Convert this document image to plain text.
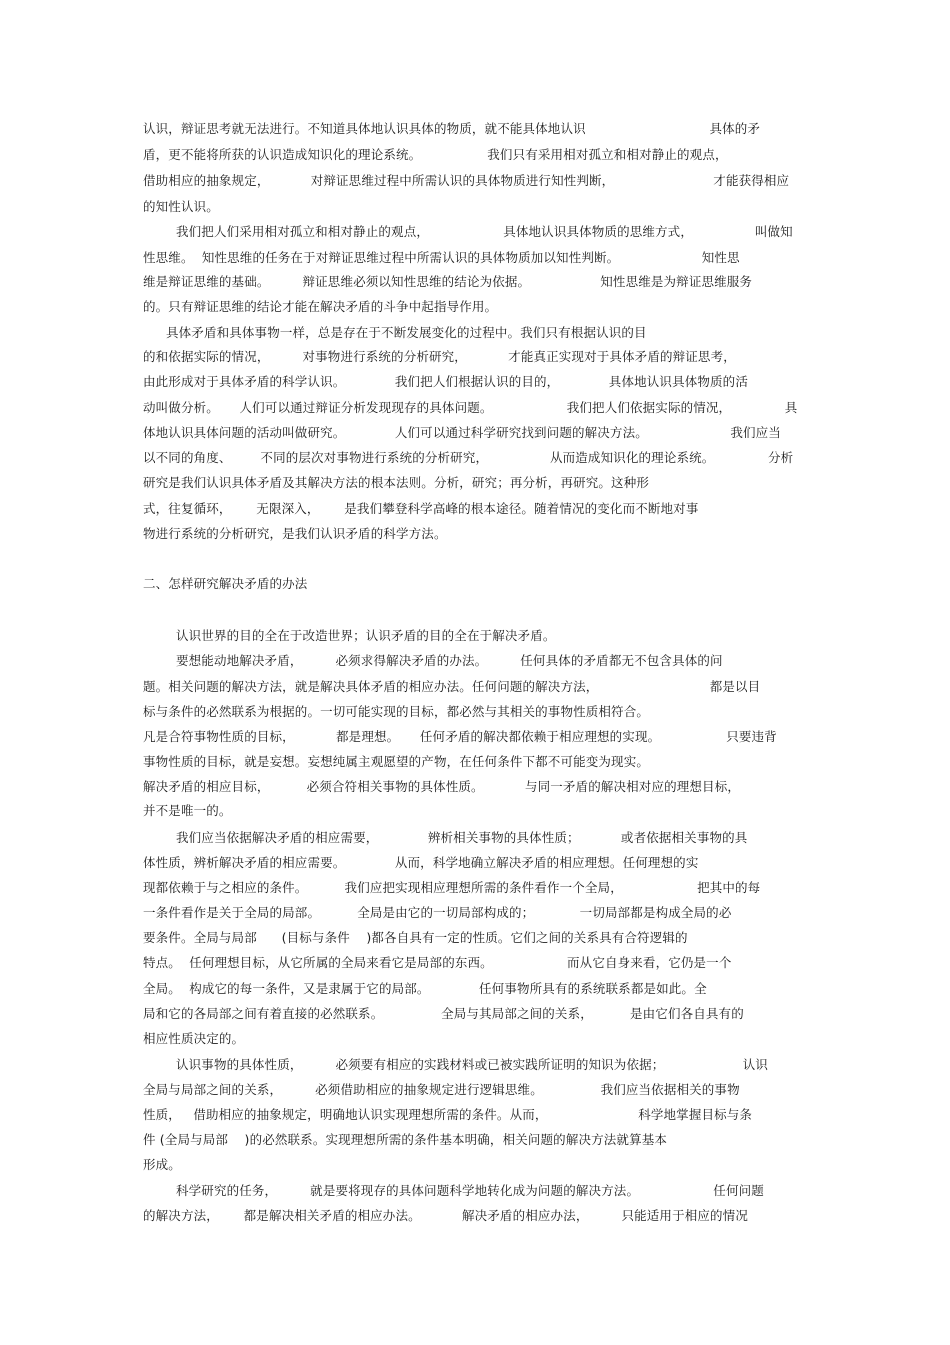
认识，辩证思考就无法进行。不知道具体地认识具体的物质，就不能具体地认识                              具体的矛
盾，更不能将所获的认识造成知识化的理论系统。                我们只有采用相对孤立和相对静止的观点，
借助相应的抽象规定，          对辩证思维过程中所需认识的具体物质进行知性判断，                        才能获得相应
的知性认识。
我们把人们采用相对孤立和相对静止的观点，                  具体地认识具体物质的思维方式，               叫做知
性思维。  知性思维的任务在于对辩证思维过程中所需认识的具体物质加以知性判断。                    知性思
维是辩证思维的基础。        辩证思维必须以知性思维的结论为依据。                 知性思维是为辩证思维服务
的。只有辩证思维的结论才能在解决矛盾的斗争中起指导作用。
具体矛盾和具体事物一样，总是存在于不断发展变化的过程中。我们只有根据认识的目
的和依据实际的情况，        对事物进行系统的分析研究，          才能真正实现对于具体矛盾的辩证思考，
由此形成对于具体矛盾的科学认识。            我们把人们根据认识的目的，            具体地认识具体物质的活
动叫做分析。     人们可以通过辩证分析发现现存的具体问题。                  我们把人们依据实际的情况，             具
体地认识具体问题的活动叫做研究。            人们可以通过科学研究找到问题的解决方法。                    我们应当
以不同的角度、       不同的层次对事物进行系统的分析研究，               从而造成知识化的理论系统。             分析
研究是我们认识具体矛盾及其解决方法的根本法则。分析，研究；再分析，再研究。这种形
式，往复循环，      无限深入，      是我们攀登科学高峰的根本途径。随着情况的变化而不断地对事
物进行系统的分析研究，是我们认识矛盾的科学方法。
二、怎样研究解决矛盾的办法
认识世界的目的全在于改造世界；认识矛盾的目的全在于解决矛盾。
要想能动地解决矛盾，        必须求得解决矛盾的办法。        任何具体的矛盾都无不包含具体的问
题。相关问题的解决方法，就是解决具体矛盾的相应办法。任何问题的解决方法，                           都是以目
标与条件的必然联系为根据的。一切可能实现的目标，都必然与其相关的事物性质相符合。
凡是合符事物性质的目标，          都是理想。     任何矛盾的解决都依赖于相应理想的实现。                只要违背
事物性质的目标，就是妄想。妄想纯属主观愿望的产物，在任何条件下都不可能变为现实。
解决矛盾的相应目标，         必须合符相关事物的具体性质。          与同一矛盾的解决相对应的理想目标，
并不是唯一的。
我们应当依据解决矛盾的相应需要，            辨析相关事物的具体性质；          或者依据相关事物的具
体性质，辨析解决矛盾的相应需要。            从而，科学地确立解决矛盾的相应理想。任何理想的实
现都依赖于与之相应的条件。         我们应把实现相应理想所需的条件看作一个全局，                  把其中的每
一条件看作是关于全局的局部。         全局是由它的一切局部构成的；           一切局部都是构成全局的必
要条件。全局与局部      (目标与条件    )都各自具有一定的性质。它们之间的关系具有合符逻辑的
特点。  任何理想目标，从它所属的全局来看它是局部的东西。                  而从它自身来看，它仍是一个
全局。  构成它的每一条件，又是隶属于它的局部。            任何事物所具有的系统联系都是如此。全
局和它的各局部之间有着直接的必然联系。              全局与其局部之间的关系，         是由它们各自具有的
相应性质决定的。
认识事物的具体性质，        必须要有相应的实践材料或已被实践所证明的知识为依据；                   认识
全局与局部之间的关系，        必须借助相应的抽象规定进行逻辑思维。              我们应当依据相关的事物
性质，   借助相应的抽象规定，明确地认识实现理想所需的条件。从而，                      科学地掌握目标与条
件 (全局与局部    )的必然联系。实现理想所需的条件基本明确，相关问题的解决方法就算基本
形成。
科学研究的任务，        就是要将现存的具体问题科学地转化成为问题的解决方法。                  任何问题
的解决方法，      都是解决相关矛盾的相应办法。          解决矛盾的相应办法，        只能适用于相应的情况
